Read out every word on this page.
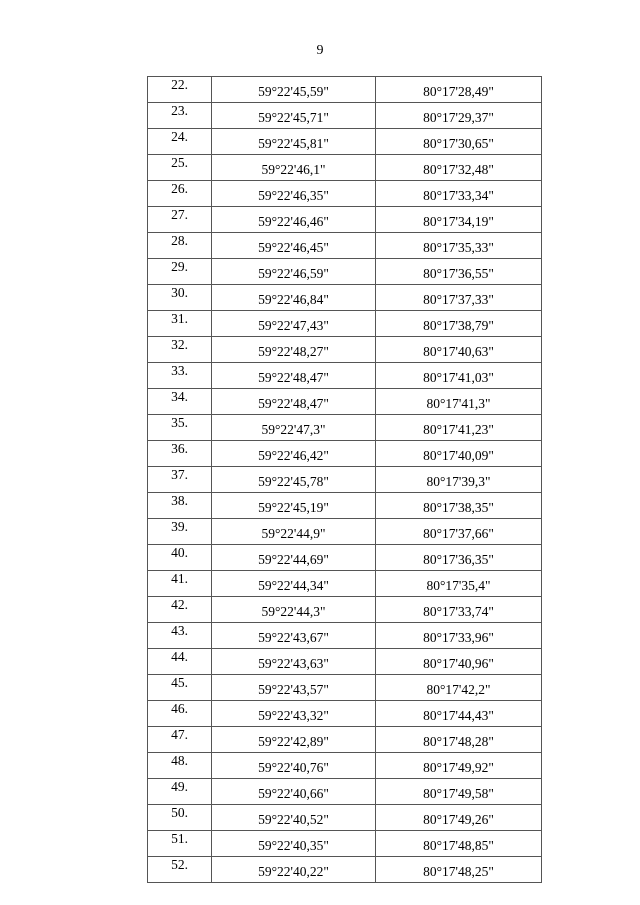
9
22.	59°22'45,59"	80°17'28,49"
23.	59°22'45,71"	80°17'29,37"
24.	59°22'45,81"	80°17'30,65"
25.	59°22'46,1"	80°17'32,48"
26.	59°22'46,35"	80°17'33,34"
27.	59°22'46,46"	80°17'34,19"
28.	59°22'46,45"	80°17'35,33"
29.	59°22'46,59"	80°17'36,55"
30.	59°22'46,84"	80°17'37,33"
31.	59°22'47,43"	80°17'38,79"
32.	59°22'48,27"	80°17'40,63"
33.	59°22'48,47"	80°17'41,03"
34.	59°22'48,47"	80°17'41,3"
35.	59°22'47,3"	80°17'41,23"
36.	59°22'46,42"	80°17'40,09"
37.	59°22'45,78"	80°17'39,3"
38.	59°22'45,19"	80°17'38,35"
39.	59°22'44,9"	80°17'37,66"
40.	59°22'44,69"	80°17'36,35"
41.	59°22'44,34"	80°17'35,4"
42.	59°22'44,3"	80°17'33,74"
43.	59°22'43,67"	80°17'33,96"
44.	59°22'43,63"	80°17'40,96"
45.	59°22'43,57"	80°17'42,2"
46.	59°22'43,32"	80°17'44,43"
47.	59°22'42,89"	80°17'48,28"
48.	59°22'40,76"	80°17'49,92"
49.	59°22'40,66"	80°17'49,58"
50.	59°22'40,52"	80°17'49,26"
51.	59°22'40,35"	80°17'48,85"
52.	59°22'40,22"	80°17'48,25"
